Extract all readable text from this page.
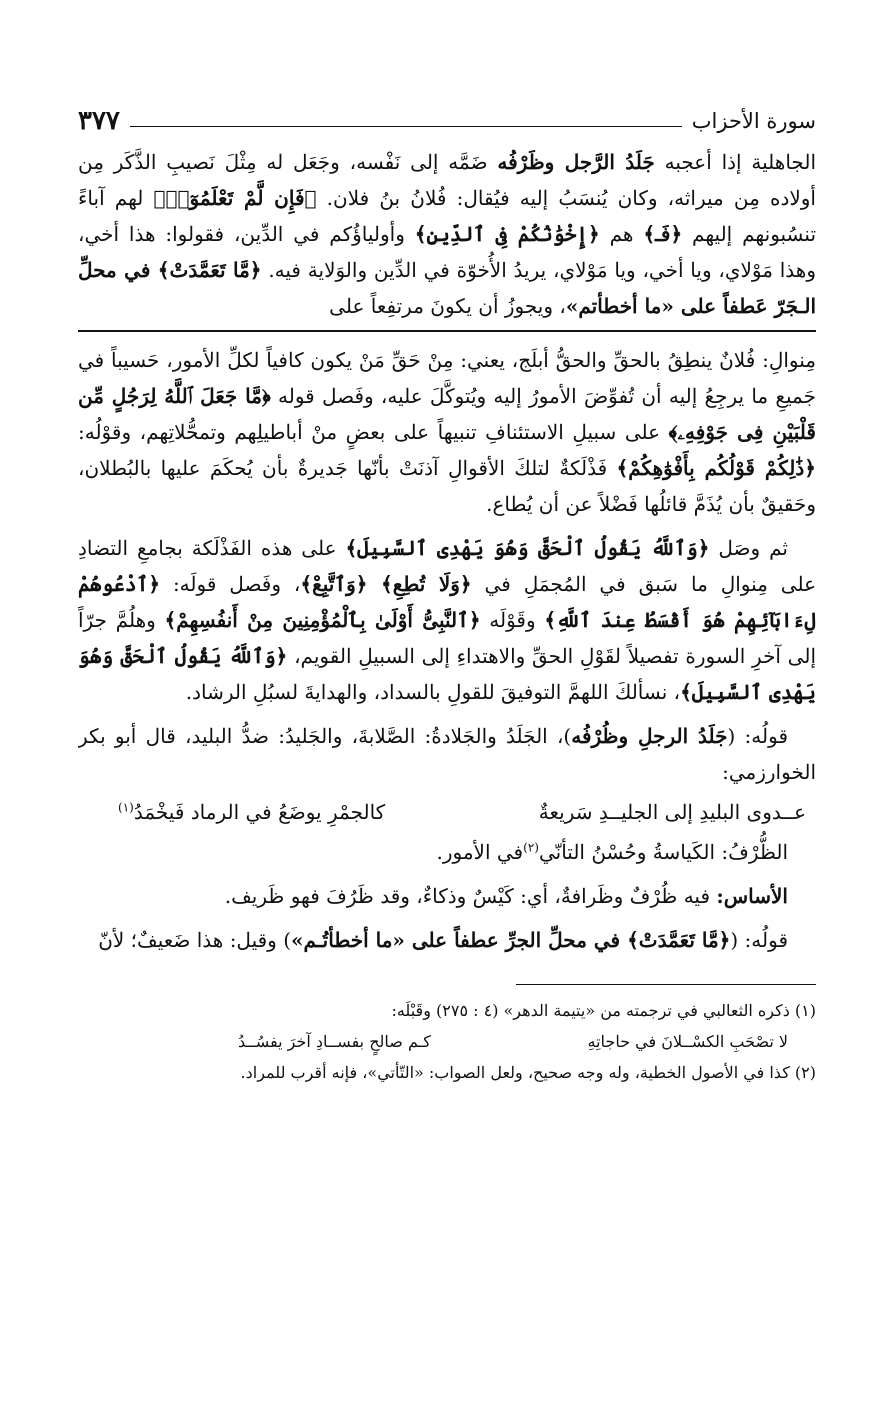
سورة الأحزاب
٣٧٧

الجاهلية إذا أعجبه جَلَدُ الرَّجل وظَرْفُه ضَمَّه إلى نَفْسه، وجَعَل له مِثْلَ نَصيبِ الذَّكَر مِن أولاده مِن ميراثه، وكان يُنسَبُ إليه فيُقال: فُلانُ بنُ فلان. ﴿فَإِن لَّمْ تَعْلَمُوٓا۟﴾ لهم آباءً تنسُبونهم إليهم ﴿فَـ﴾ هم ﴿إِخْوَٰنُكُمْ فِى ٱلدِّينِ﴾ وأولياؤُكم في الدِّين، فقولوا: هذا أخي، وهذا مَوْلاي، ويا أخي، ويا مَوْلاي، يريدُ الأُخوّة في الدِّين والوَلاية فيه. ﴿مَّا تَعَمَّدَتْ﴾ في محلِّ الـجَرّ عَطفاً على «ما أخطأتم»، ويجوزُ أن يكونَ مرتفِعاً على

مِنوالِ: فُلانٌ ينطِقُ بالحقِّ والحقُّ أبلَج، يعني: مِنْ حَقِّ مَنْ يكون كافياً لكلِّ الأمور، حَسيباً في جَميعِ ما يرجِعُ إليه أن تُفوِّضَ الأمورُ إليه ويُتوكَّلَ عليه، وفَصل قوله ﴿مَّا جَعَلَ ٱللَّهُ لِرَجُلٍ مِّن قَلْبَيْنِ فِى جَوْفِهِۦ﴾ على سبيلِ الاستئنافِ تنبيهاً على بعضٍ منْ أباطيلِهم وتمحُّلاتِهم، وقوْلُه: ﴿ذَٰلِكُمْ قَوْلُكُم بِأَفْوَٰهِكُمْ﴾ فَذْلَكةٌ لتلكَ الأقوالِ آذنَتْ بأنّها جَديرةٌ بأن يُحكَمَ عليها بالبُطلان، وحَقيقٌ بأن يُذَمَّ قائلُها فَضْلاً عن أن يُطاع.

ثم وصَل ﴿وَٱللَّهُ يَقُولُ ٱلْحَقَّ وَهُوَ يَهْدِى ٱلسَّبِيلَ﴾ على هذه الفَذْلَكة بجامعِ التضادِ على مِنوالِ ما سَبق في المُجمَلِ في ﴿وَلَا تُطِعِ﴾ ﴿وَٱتَّبِعْ﴾، وفَصل قولَه: ﴿ٱدْعُوهُمْ لِءَابَآئِهِمْ هُوَ أَقْسَطُ عِندَ ٱللَّهِ﴾ وقَوْلَه ﴿ٱلنَّبِىُّ أَوْلَىٰ بِٱلْمُؤْمِنِينَ مِنْ أَنفُسِهِمْ﴾ وهلُمَّ جرّاً إلى آخرِ السورة تفصيلاً لقَوْلِ الحقِّ والاهتداءِ إلى السبيلِ القويم، ﴿وَٱللَّهُ يَقُولُ ٱلْحَقَّ وَهُوَ يَهْدِى ٱلسَّبِيلَ﴾، نسألكَ اللهمَّ التوفيقَ للقولِ بالسداد، والهدايةَ لسبُلِ الرشاد.

قولُه: (جَلَدُ الرجلِ وظُرْفُه)، الجَلَدُ والجَلادةُ: الصَّلابةَ، والجَليدُ: ضدُّ البليد، قال أبو بكر الخوارزمي:

عــدوى البليدِ إلى الجليــدِ سَريعةٌ
كالجمْرِ يوضَعُ في الرماد فَيخْمَدُ$^{(١)}$

الظُّرْفُ: الكَياسةُ وحُسْنُ التأنّي$^{(٢)}$في الأمور.

الأساس: فيه ظُرْفٌ وظَرافةٌ، أي: كَيْسٌ وذكاءٌ، وقد ظَرُفَ فهو ظَريف.

قولُه: (﴿مَّا تَعَمَّدَتْ﴾ في محلِّ الجرِّ عطفاً على «ما أخطأتُـم») وقيل: هذا ضَعيفٌ؛ لأنّ

(١) ذكره الثعالبي في ترجمته من «يتيمة الدهر» (٤ : ٢٧٥) وقَبْلَه:

لا تصْحَبِ الكسْــلانَ في حاجاتِهِ
كـم صالحٍ بفســادِ آخرَ يفسُــدُ

(٢) كذا في الأصول الخطية، وله وجه صحيح، ولعل الصواب: «التّأتي»، فإنه أقرب للمراد.
